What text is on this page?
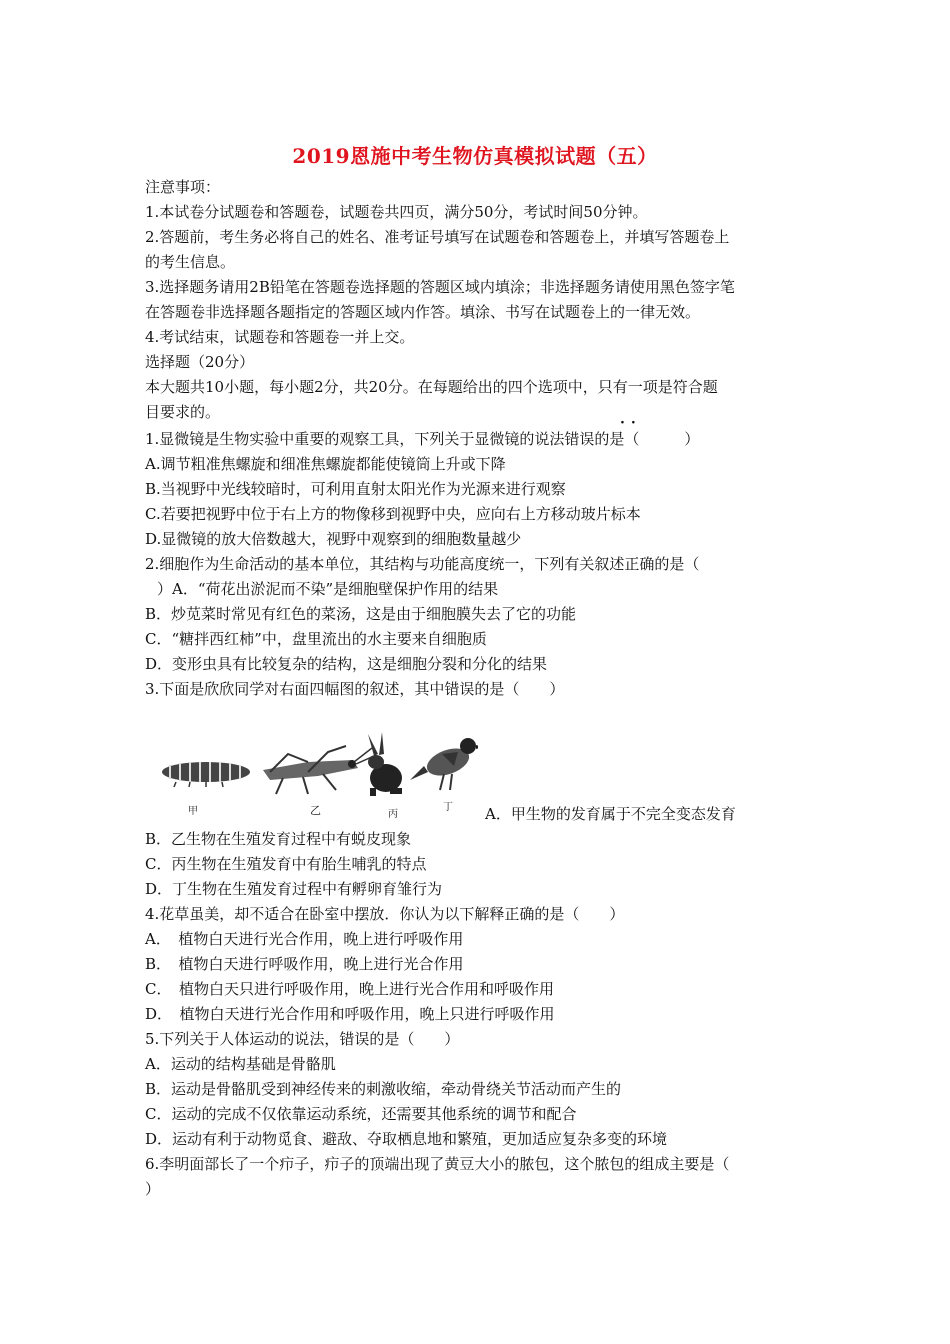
2019恩施中考生物仿真模拟试题（五）
注意事项：
1.本试卷分试题卷和答题卷，试题卷共四页，满分50分，考试时间50分钟。
2.答题前，考生务必将自己的姓名、准考证号填写在试题卷和答题卷上，并填写答题卷上
的考生信息。
3.选择题务请用2B铅笔在答题卷选择题的答题区域内填涂；非选择题务请使用黑色签字笔
在答题卷非选择题各题指定的答题区域内作答。填涂、书写在试题卷上的一律无效。
4.考试结束，试题卷和答题卷一并上交。
选择题（20分）
本大题共10小题，每小题2分，共20分。在每题给出的四个选项中，只有一项是符合题
目要求的。
··
1.显微镜是生物实验中重要的观察工具，下列关于显微镜的说法错误的是（　　　）
A.调节粗准焦螺旋和细准焦螺旋都能使镜筒上升或下降
B.当视野中光线较暗时，可利用直射太阳光作为光源来进行观察
C.若要把视野中位于右上方的物像移到视野中央，应向右上方移动玻片标本
D.显微镜的放大倍数越大，视野中观察到的细胞数量越少
2.细胞作为生命活动的基本单位，其结构与功能高度统一，下列有关叙述正确的是（
）A．“荷花出淤泥而不染”是细胞壁保护作用的结果
B．炒苋菜时常见有红色的菜汤，这是由于细胞膜失去了它的功能
C．“糖拌西红柿”中，盘里流出的水主要来自细胞质
D．变形虫具有比较复杂的结构，这是细胞分裂和分化的结果
3.下面是欣欣同学对右面四幅图的叙述，其中错误的是（　　）
甲	乙	丙
丁 A．甲生物的发育属于不完全变态发育
B．乙生物在生殖发育过程中有蜕皮现象
C．丙生物在生殖发育中有胎生哺乳的特点
D．丁生物在生殖发育过程中有孵卵育雏行为
4.花草虽美，却不适合在卧室中摆放．你认为以下解释正确的是（　　）
A．　植物白天进行光合作用，晚上进行呼吸作用
B．　植物白天进行呼吸作用，晚上进行光合作用
C．　植物白天只进行呼吸作用，晚上进行光合作用和呼吸作用
D．　植物白天进行光合作用和呼吸作用，晚上只进行呼吸作用
5.下列关于人体运动的说法，错误的是（　　）
A．运动的结构基础是骨骼肌
B．运动是骨骼肌受到神经传来的刺激收缩，牵动骨绕关节活动而产生的
C．运动的完成不仅依靠运动系统，还需要其他系统的调节和配合
D．运动有利于动物觅食、避敌、夺取栖息地和繁殖，更加适应复杂多变的环境
6.李明面部长了一个疖子，疖子的顶端出现了黄豆大小的脓包，这个脓包的组成主要是（
）
